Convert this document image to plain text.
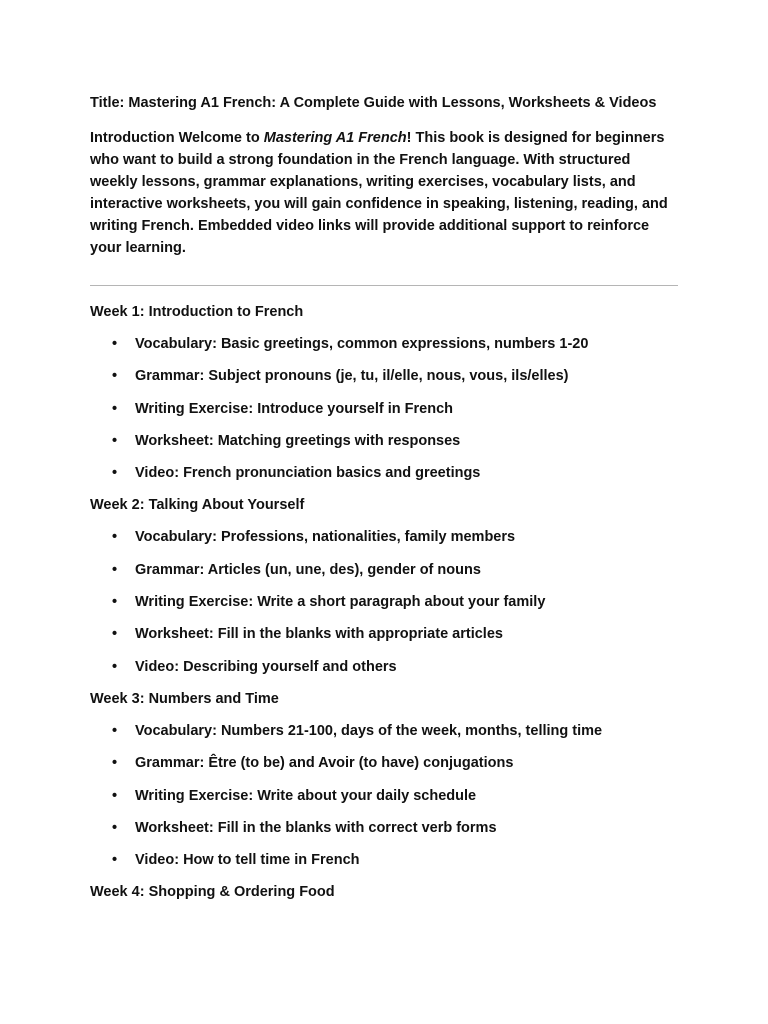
Title: Mastering A1 French: A Complete Guide with Lessons, Worksheets & Videos

Introduction Welcome to Mastering A1 French! This book is designed for beginners who want to build a strong foundation in the French language. With structured weekly lessons, grammar explanations, writing exercises, vocabulary lists, and interactive worksheets, you will gain confidence in speaking, listening, reading, and writing French. Embedded video links will provide additional support to reinforce your learning.

Week 1: Introduction to French

• Vocabulary: Basic greetings, common expressions, numbers 1-20
• Grammar: Subject pronouns (je, tu, il/elle, nous, vous, ils/elles)
• Writing Exercise: Introduce yourself in French
• Worksheet: Matching greetings with responses
• Video: French pronunciation basics and greetings

Week 2: Talking About Yourself

• Vocabulary: Professions, nationalities, family members
• Grammar: Articles (un, une, des), gender of nouns
• Writing Exercise: Write a short paragraph about your family
• Worksheet: Fill in the blanks with appropriate articles
• Video: Describing yourself and others

Week 3: Numbers and Time

• Vocabulary: Numbers 21-100, days of the week, months, telling time
• Grammar: Être (to be) and Avoir (to have) conjugations
• Writing Exercise: Write about your daily schedule
• Worksheet: Fill in the blanks with correct verb forms
• Video: How to tell time in French

Week 4: Shopping & Ordering Food
